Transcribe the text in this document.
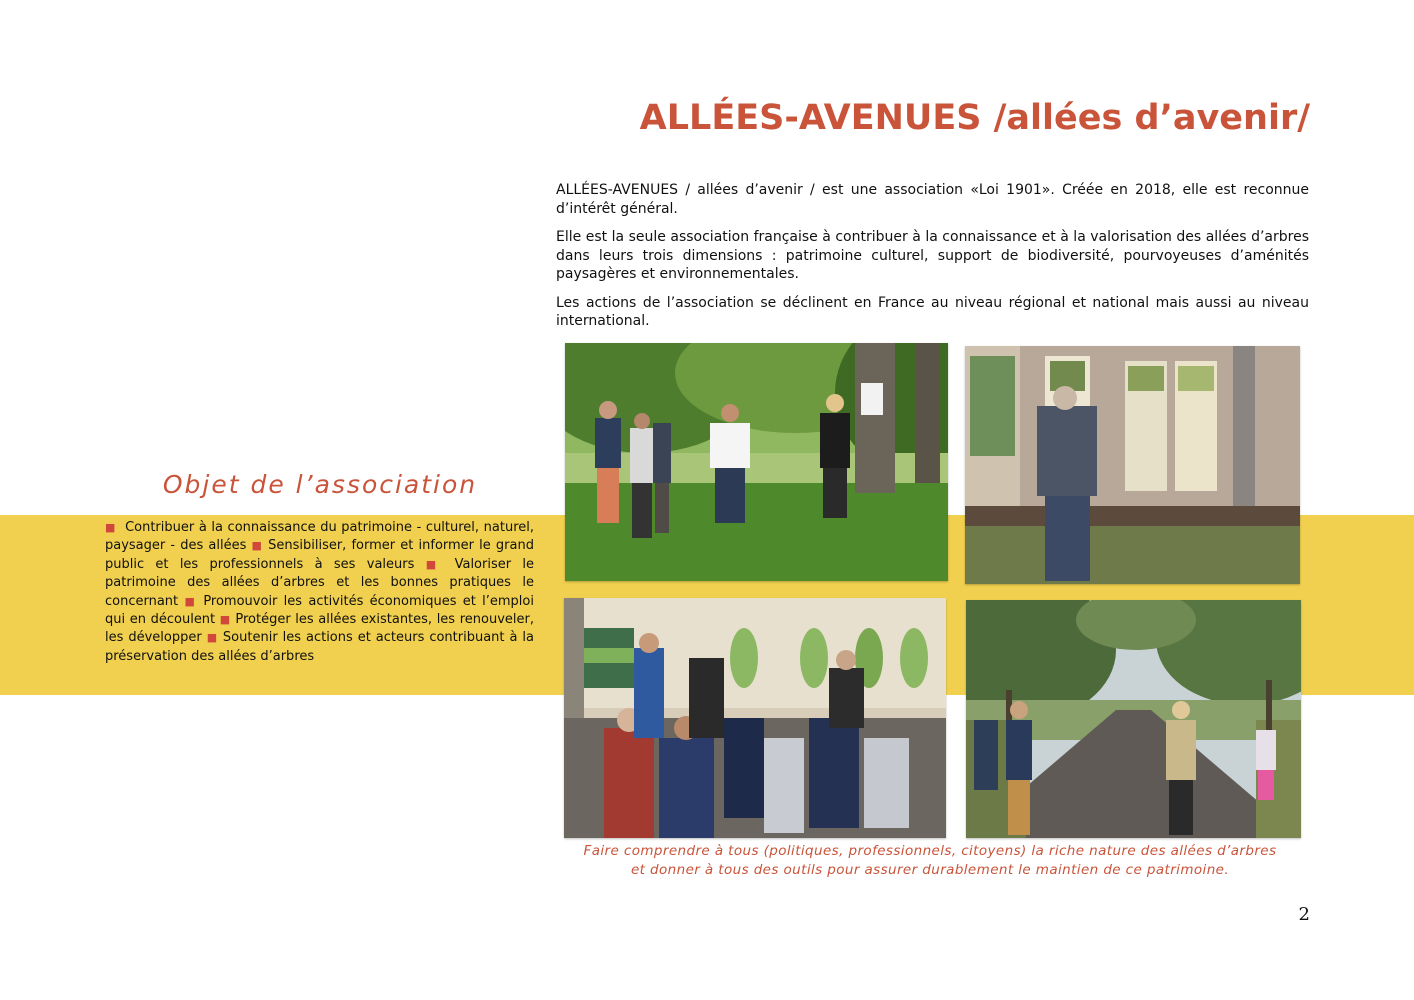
ALLÉES-AVENUES /allées d’avenir/

ALLÉES-AVENUES / allées d’avenir / est une association «Loi 1901». Créée en 2018, elle est reconnue d’intérêt général.

Elle est la seule association française à contribuer à la connaissance et à la valorisation des allées d’arbres dans leurs trois dimensions : patrimoine culturel, support de biodiversité, pourvoyeuses d’aménités paysagères et environnementales.

Les actions de l’association se déclinent en France au niveau régional et national mais aussi au niveau international.

Objet de l’association
■ Contribuer à la connaissance du patrimoine - culturel, naturel, paysager - des allées ■ Sensibiliser, former et informer le grand public et les professionnels à ses valeurs ■ Valoriser le patrimoine des allées d’arbres et les bonnes pratiques le concernant ■ Promouvoir les activités économiques et l’emploi qui en découlent ■ Protéger les allées existantes, les renouveler, les développer ■ Soutenir les actions et acteurs contribuant à la préservation des allées d’arbres
Faire comprendre à tous (politiques, professionnels, citoyens) la riche nature des allées d’arbres
et donner à tous des outils pour assurer durablement le maintien de ce patrimoine.
2
